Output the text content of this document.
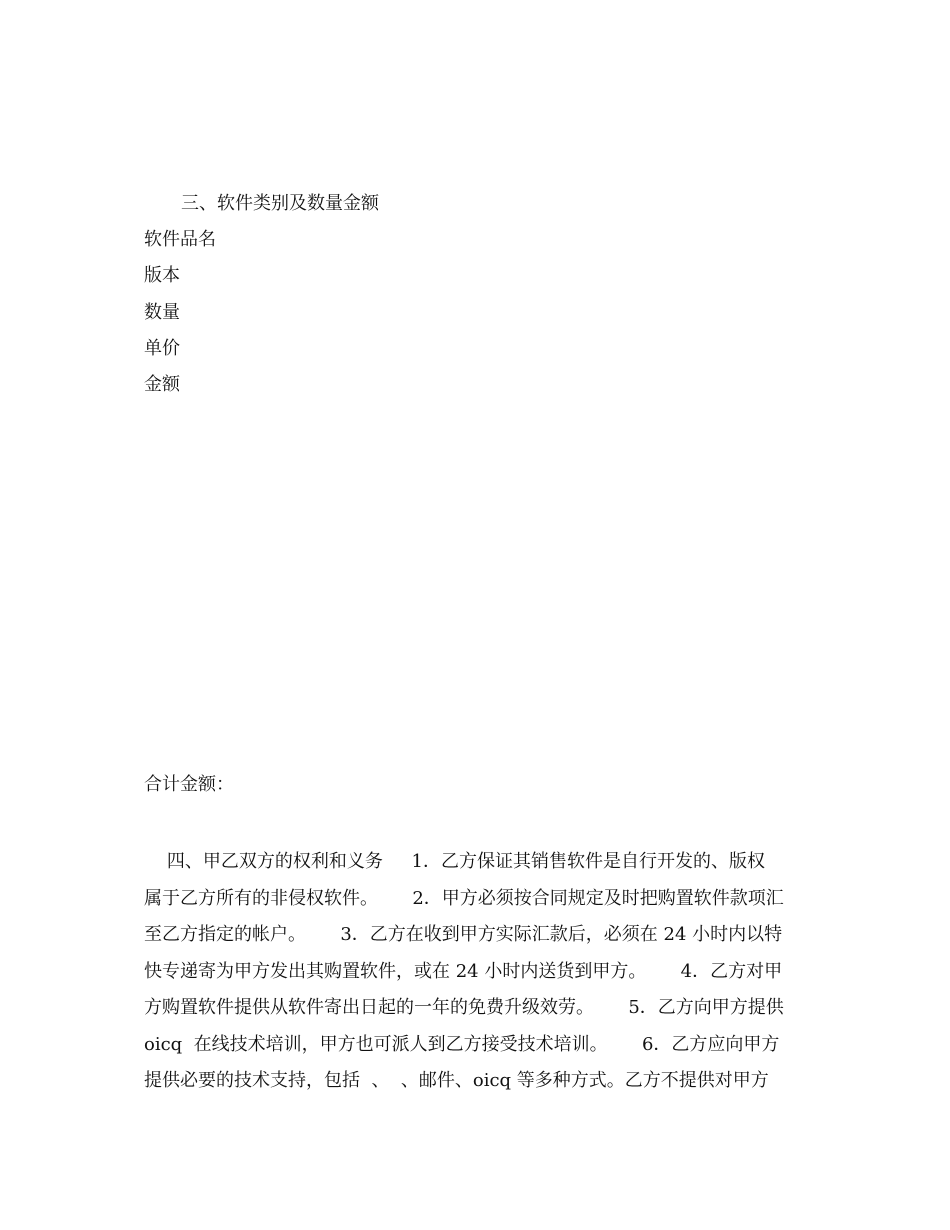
三、软件类别及数量金额
软件品名
版本
数量
单价
金额
合计金额：
四、甲乙双方的权利和义务     1．乙方保证其销售软件是自行开发的、版权
属于乙方所有的非侵权软件。      2．甲方必须按合同规定及时把购置软件款项汇
至乙方指定的帐户。      3．乙方在收到甲方实际汇款后，必须在 24 小时内以特
快专递寄为甲方发出其购置软件，或在 24 小时内送货到甲方。      4．乙方对甲
方购置软件提供从软件寄出日起的一年的免费升级效劳。      5．乙方向甲方提供
oicq  在线技术培训，甲方也可派人到乙方接受技术培训。      6．乙方应向甲方
提供必要的技术支持，包括  、  、邮件、oicq 等多种方式。乙方不提供对甲方
